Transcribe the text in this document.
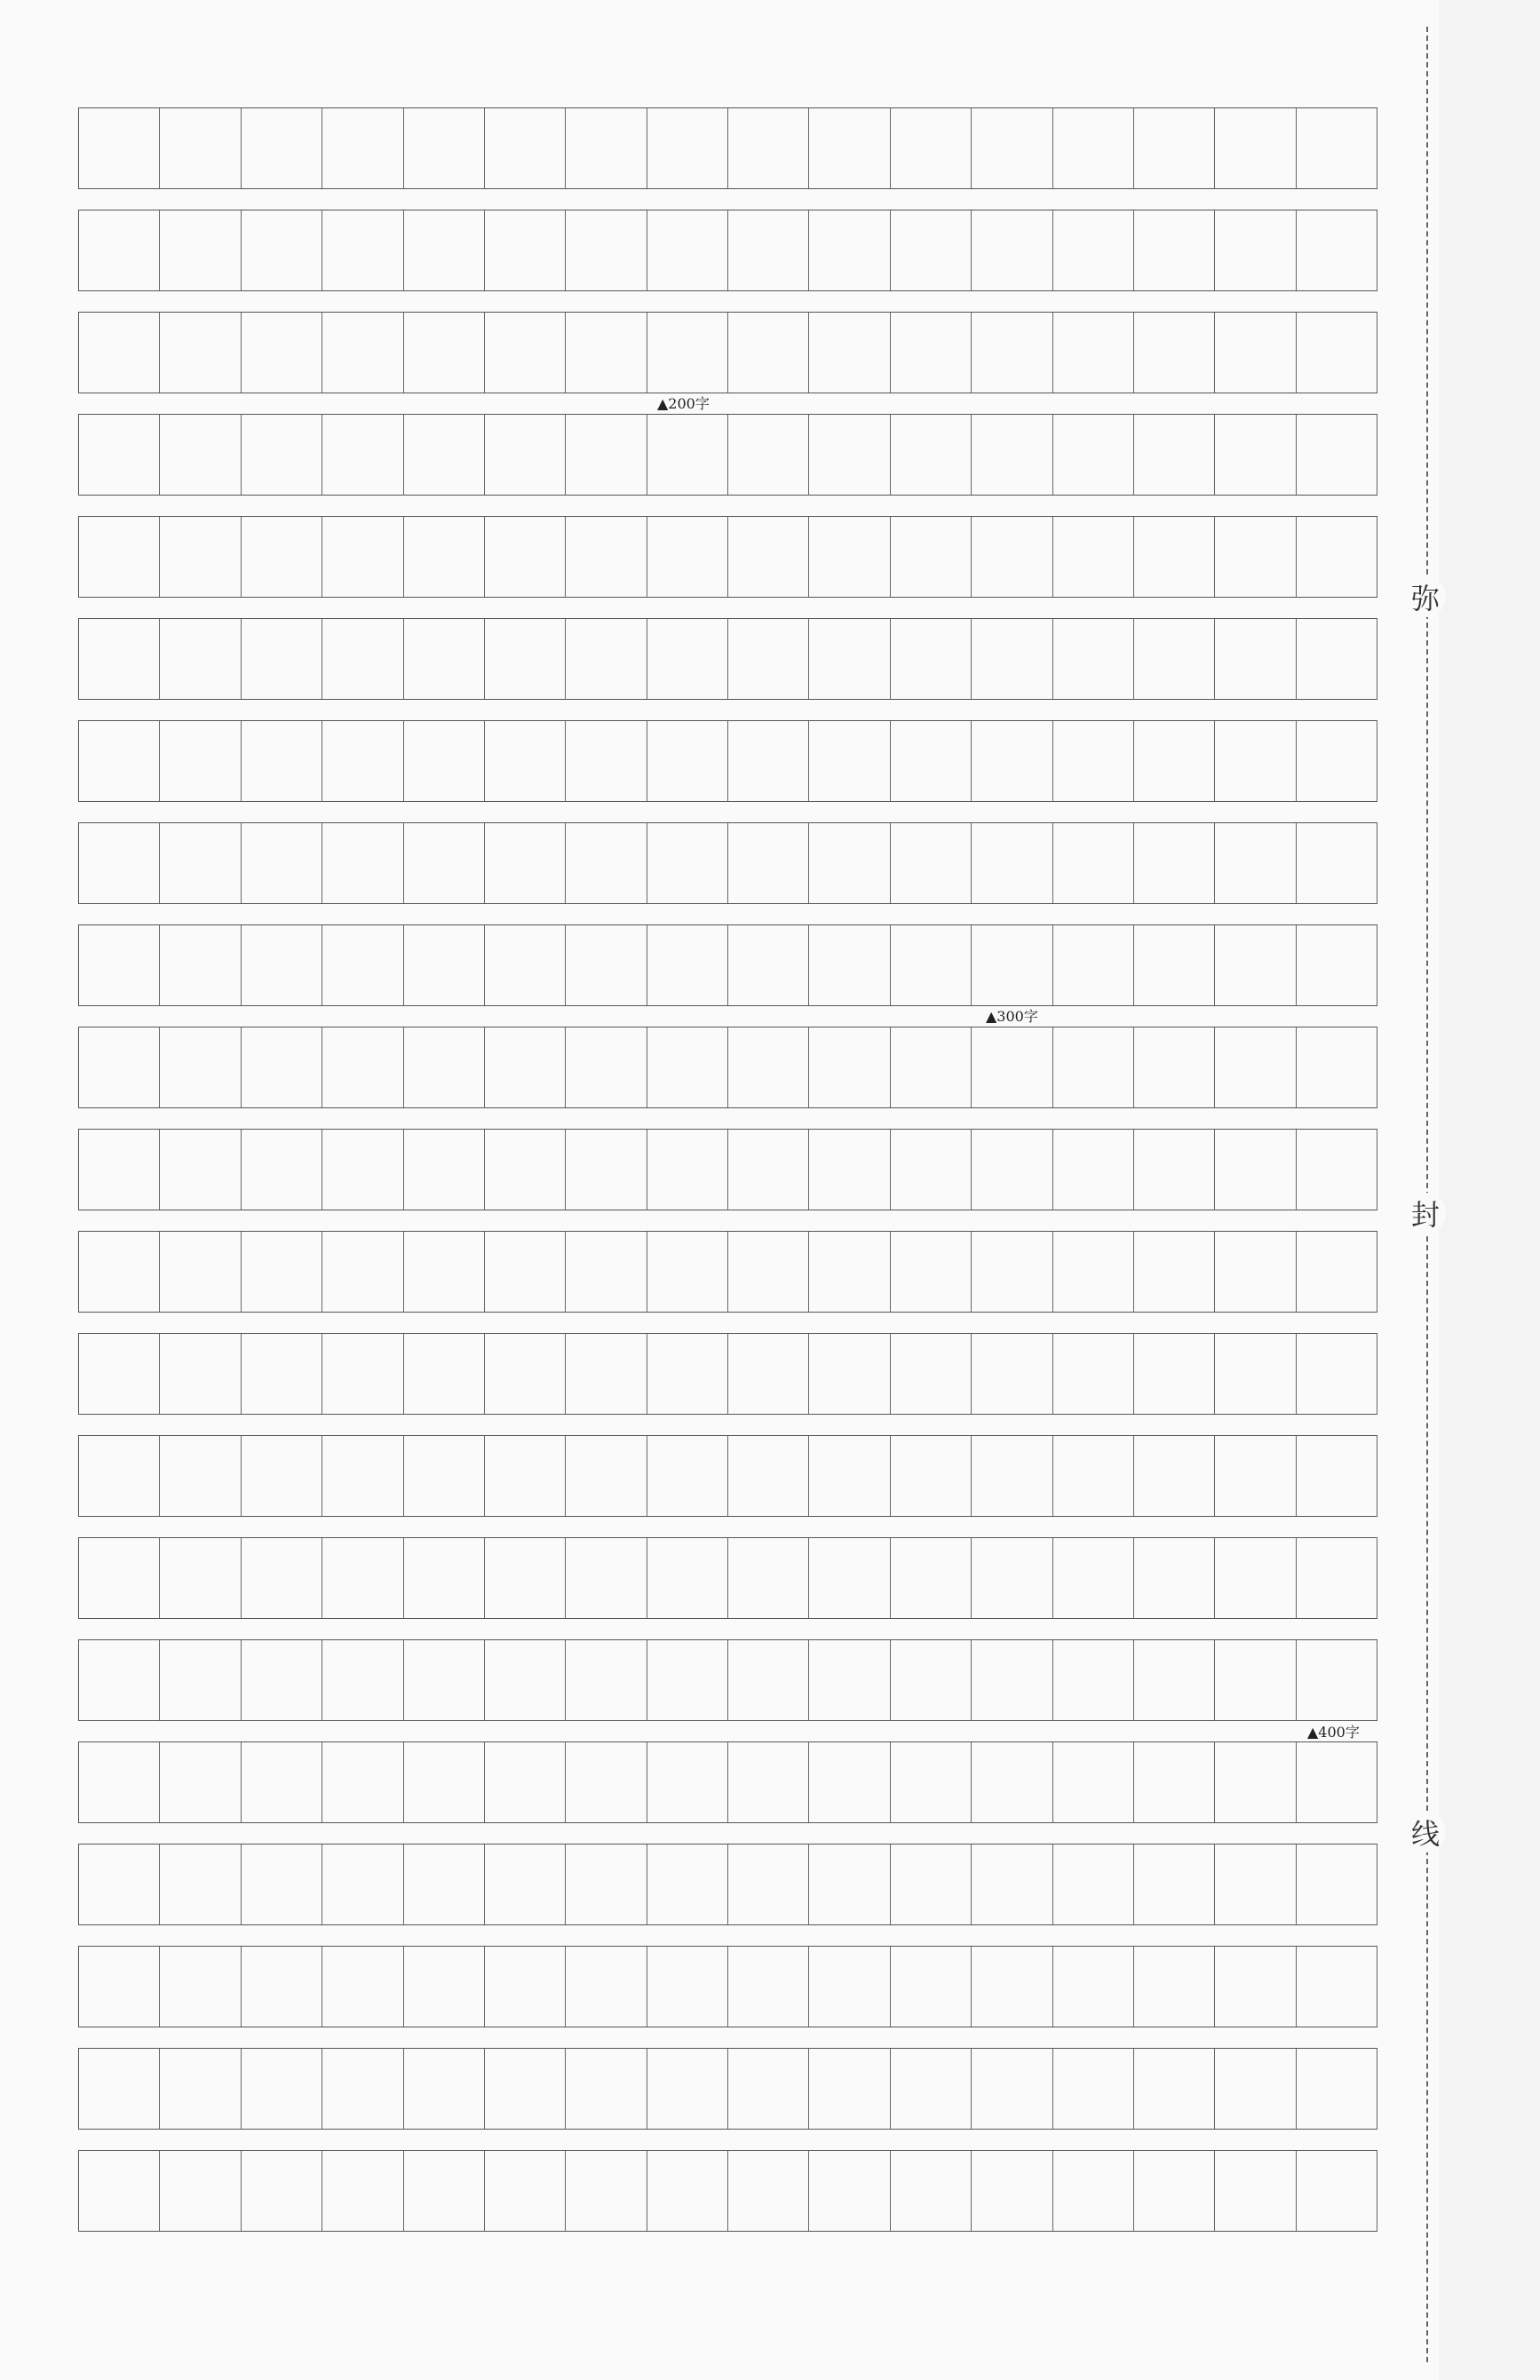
弥
封
线
▲200字
▲300字
▲400字
